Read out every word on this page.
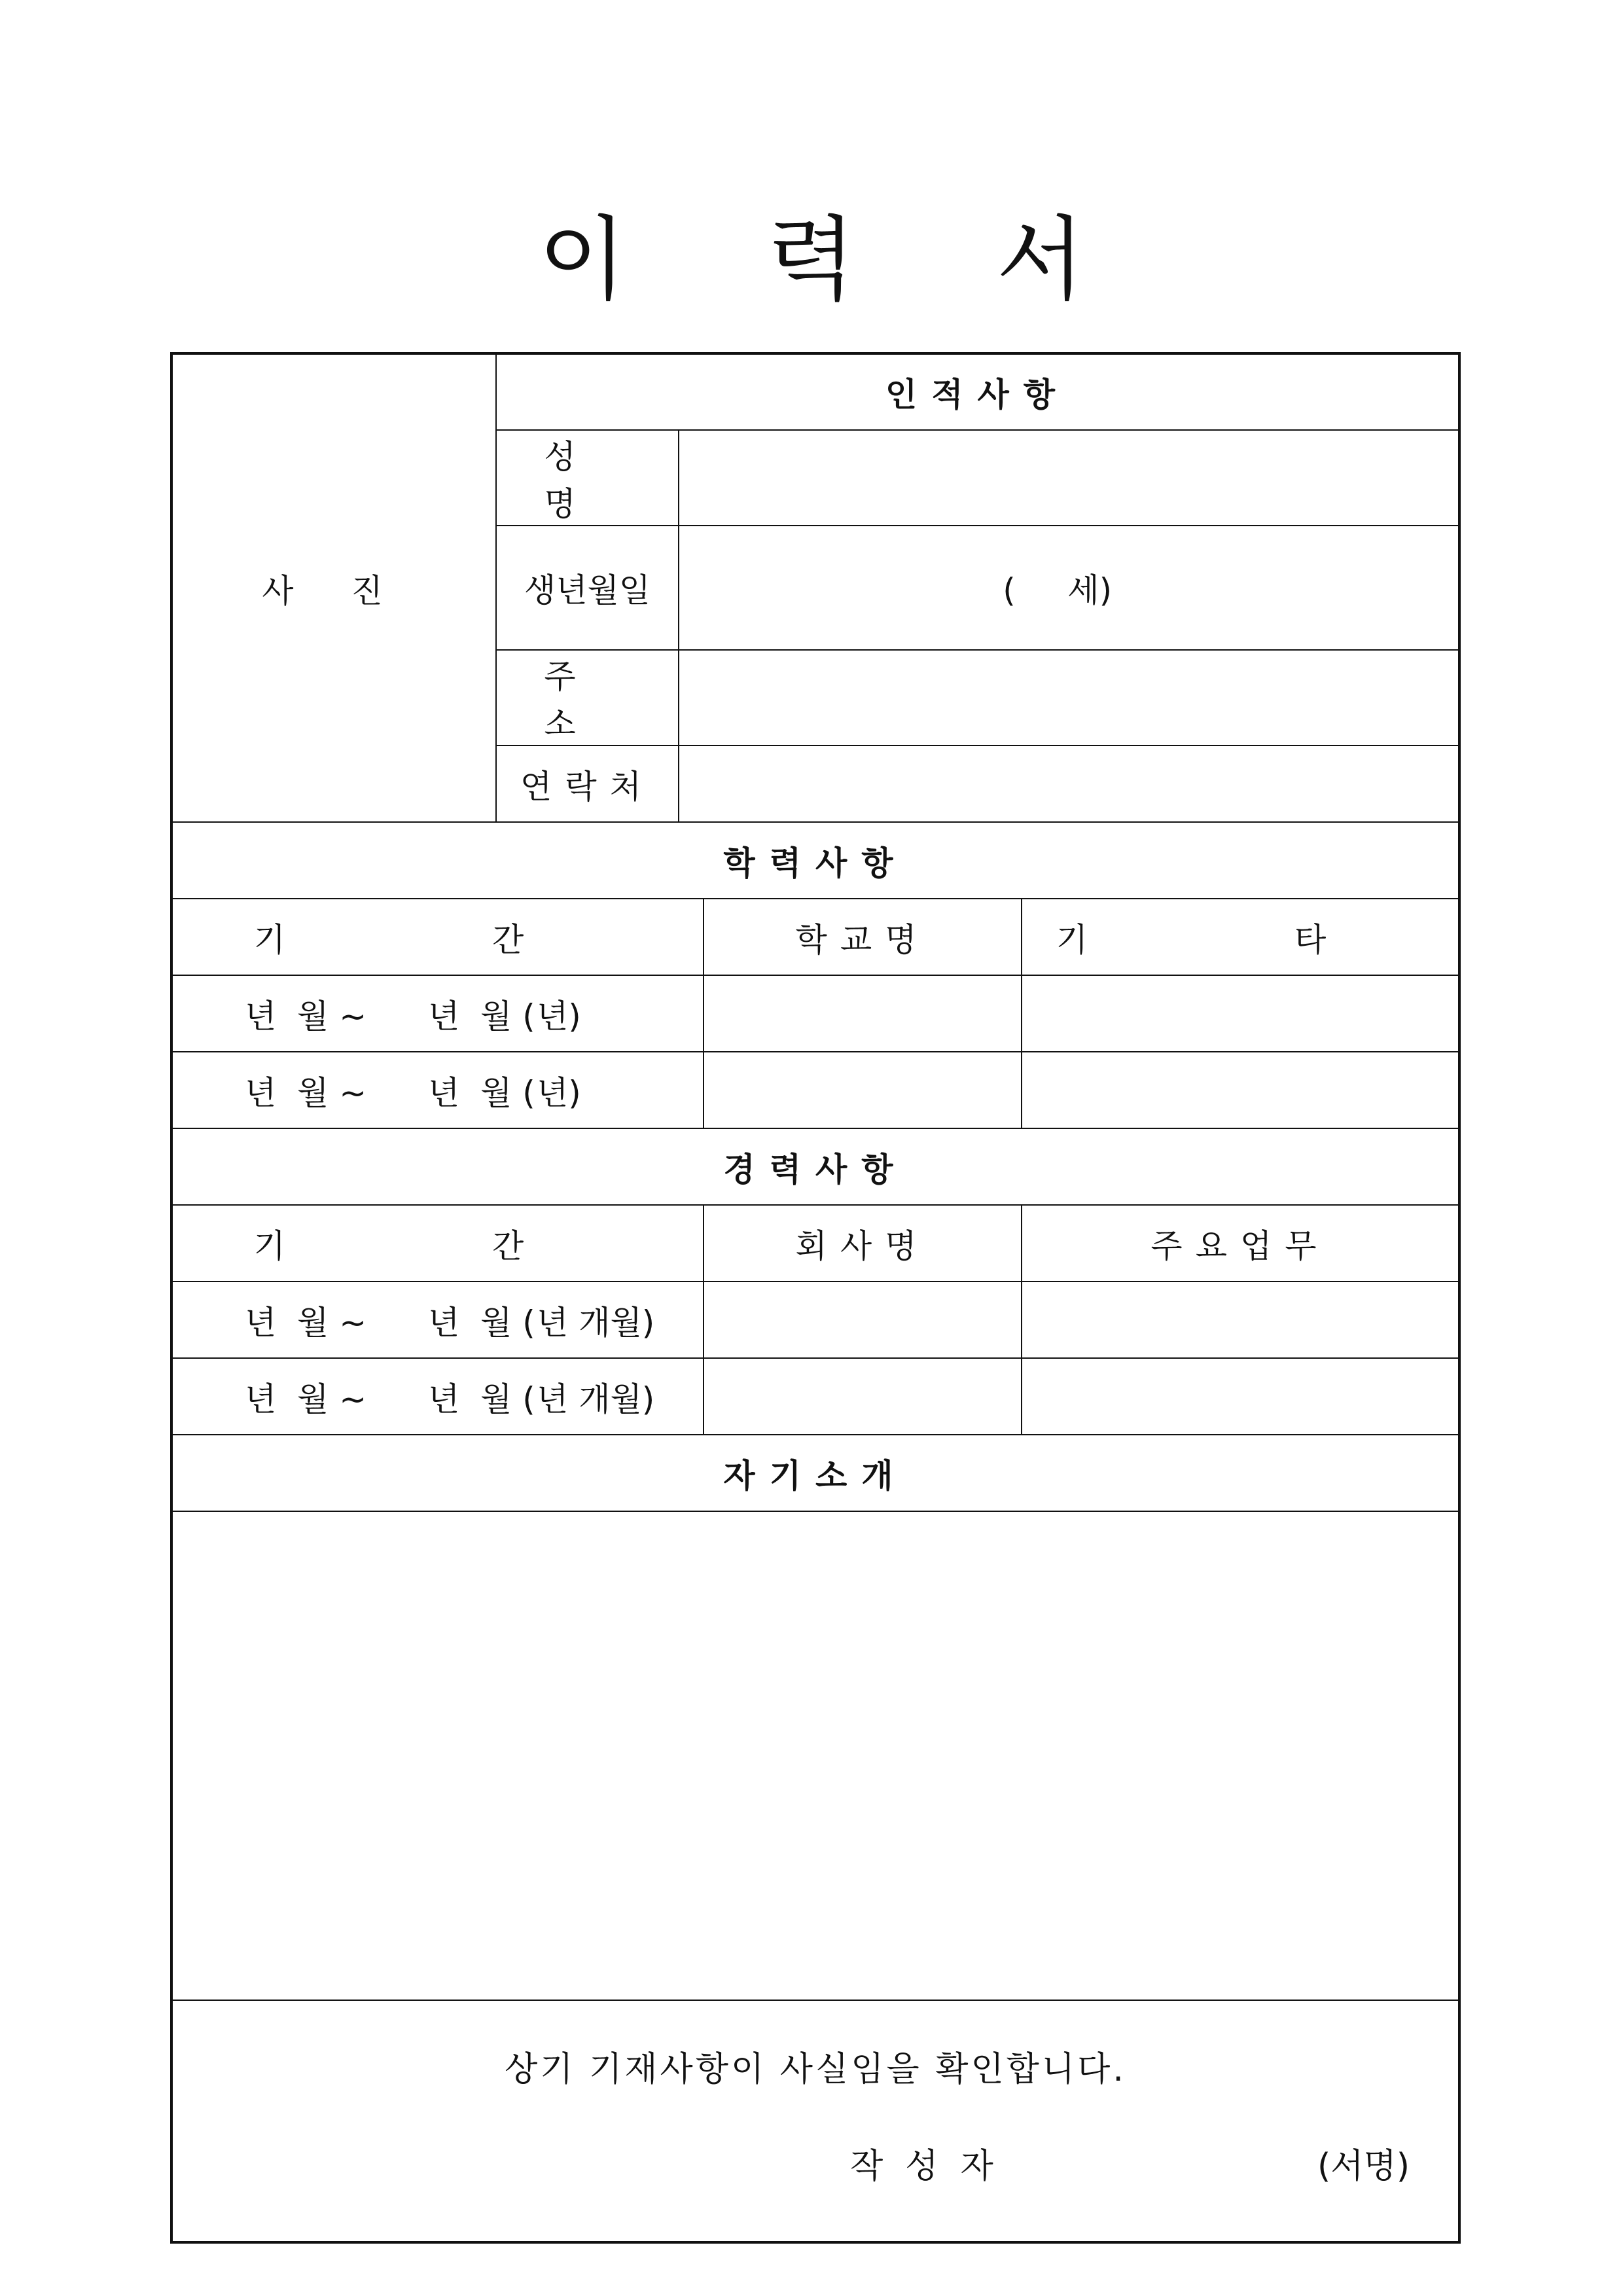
이 력 서
사 진	인적사항			
	성 명			
	생년월일	(     세)		

	주 소			
	연락처			
학력사항				
기 간			학교명	기 타

년 월 ~ 년 월 ( 년)				

년 월 ~ 년 월 ( 년)				

경력사항				
기 간			회사명	주요업무

년 월 ~ 년 월 ( 년 개월)				

년 월 ~ 년 월 ( 년 개월)				

자기소개				

상기 기재사항이 사실임을 확인합니다.
작성자 (서명)				
